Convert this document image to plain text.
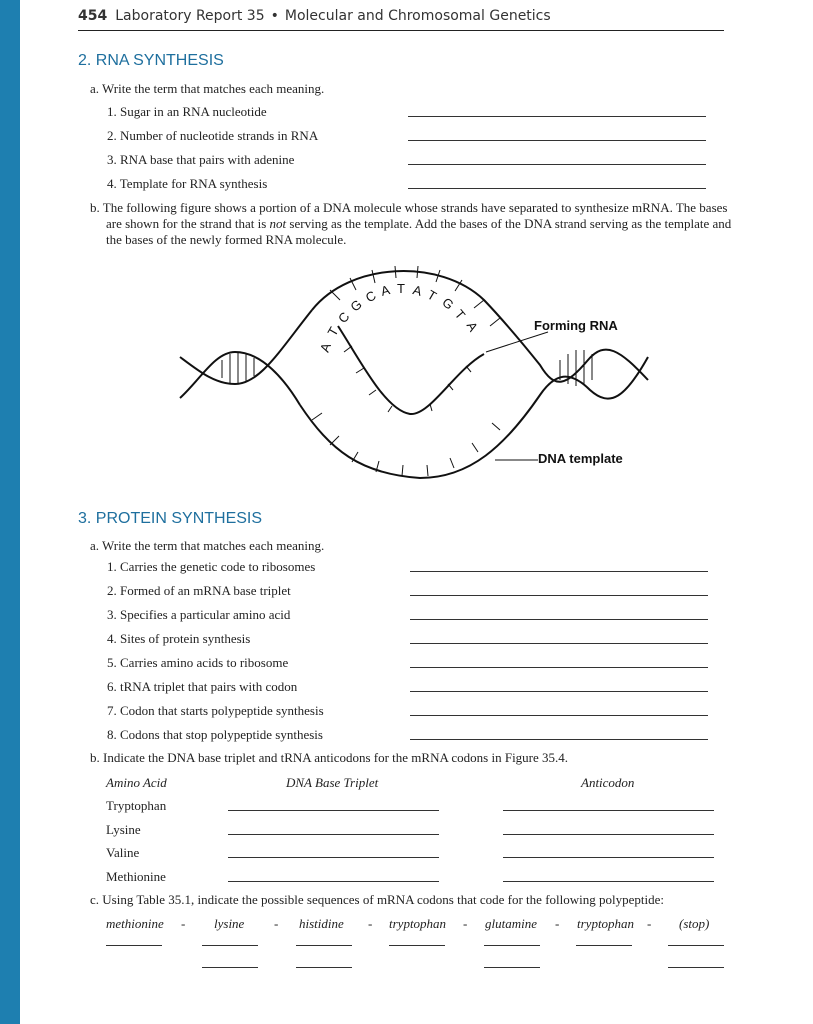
454 Laboratory Report 35 • Molecular and Chromosomal Genetics
2. RNA SYNTHESIS
a. Write the term that matches each meaning.
1. Sugar in an RNA nucleotide
2. Number of nucleotide strands in RNA
3. RNA base that pairs with adenine
4. Template for RNA synthesis
b. The following figure shows a portion of a DNA molecule whose strands have separated to synthesize mRNA. The bases are shown for the strand that is not serving as the template. Add the bases of the DNA strand serving as the template and the bases of the newly formed RNA molecule.
A
T
C
G
C A T A T G
T
A	Forming RNA
DNA template
3. PROTEIN SYNTHESIS
a. Write the term that matches each meaning.
1. Carries the genetic code to ribosomes
2. Formed of an mRNA base triplet
3. Specifies a particular amino acid
4. Sites of protein synthesis
5. Carries amino acids to ribosome
6. tRNA triplet that pairs with codon
7. Codon that starts polypeptide synthesis
8. Codons that stop polypeptide synthesis
b. Indicate the DNA base triplet and tRNA anticodons for the mRNA codons in Figure 35.4.
Amino Acid	DNA Base Triplet	Anticodon
Tryptophan
Lysine
Valine
Methionine
c. Using Table 35.1, indicate the possible sequences of mRNA codons that code for the following polypeptide:
methionine - lysine - histidine - tryptophan - glutamine - tryptophan - (stop)
